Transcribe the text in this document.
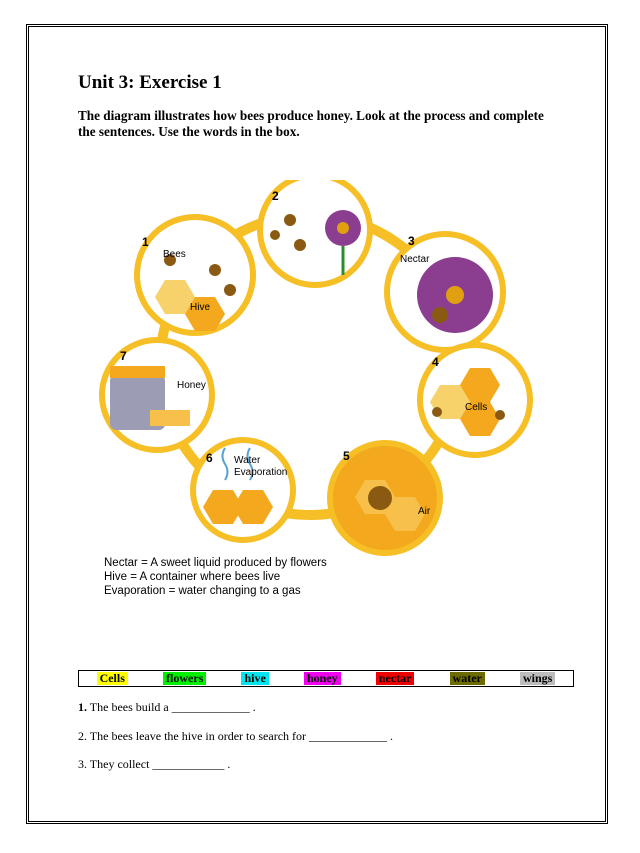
Unit 3: Exercise 1
The diagram illustrates how bees produce honey. Look at the process and complete the sentences. Use the words in the box.
1
Bees
Hive
2
3
Nectar
4
Cells
5
Air
6 Water
Evaporation
7
Honey
Nectar = A sweet liquid produced by flowers
Hive = A container where bees live
Evaporation = water changing to a gas
Cells	flowers	hive	honey	nectar	water	wings
1. The bees build a _____________ .
2. The bees leave the hive in order to search for _____________ .
3. They collect ____________ .
